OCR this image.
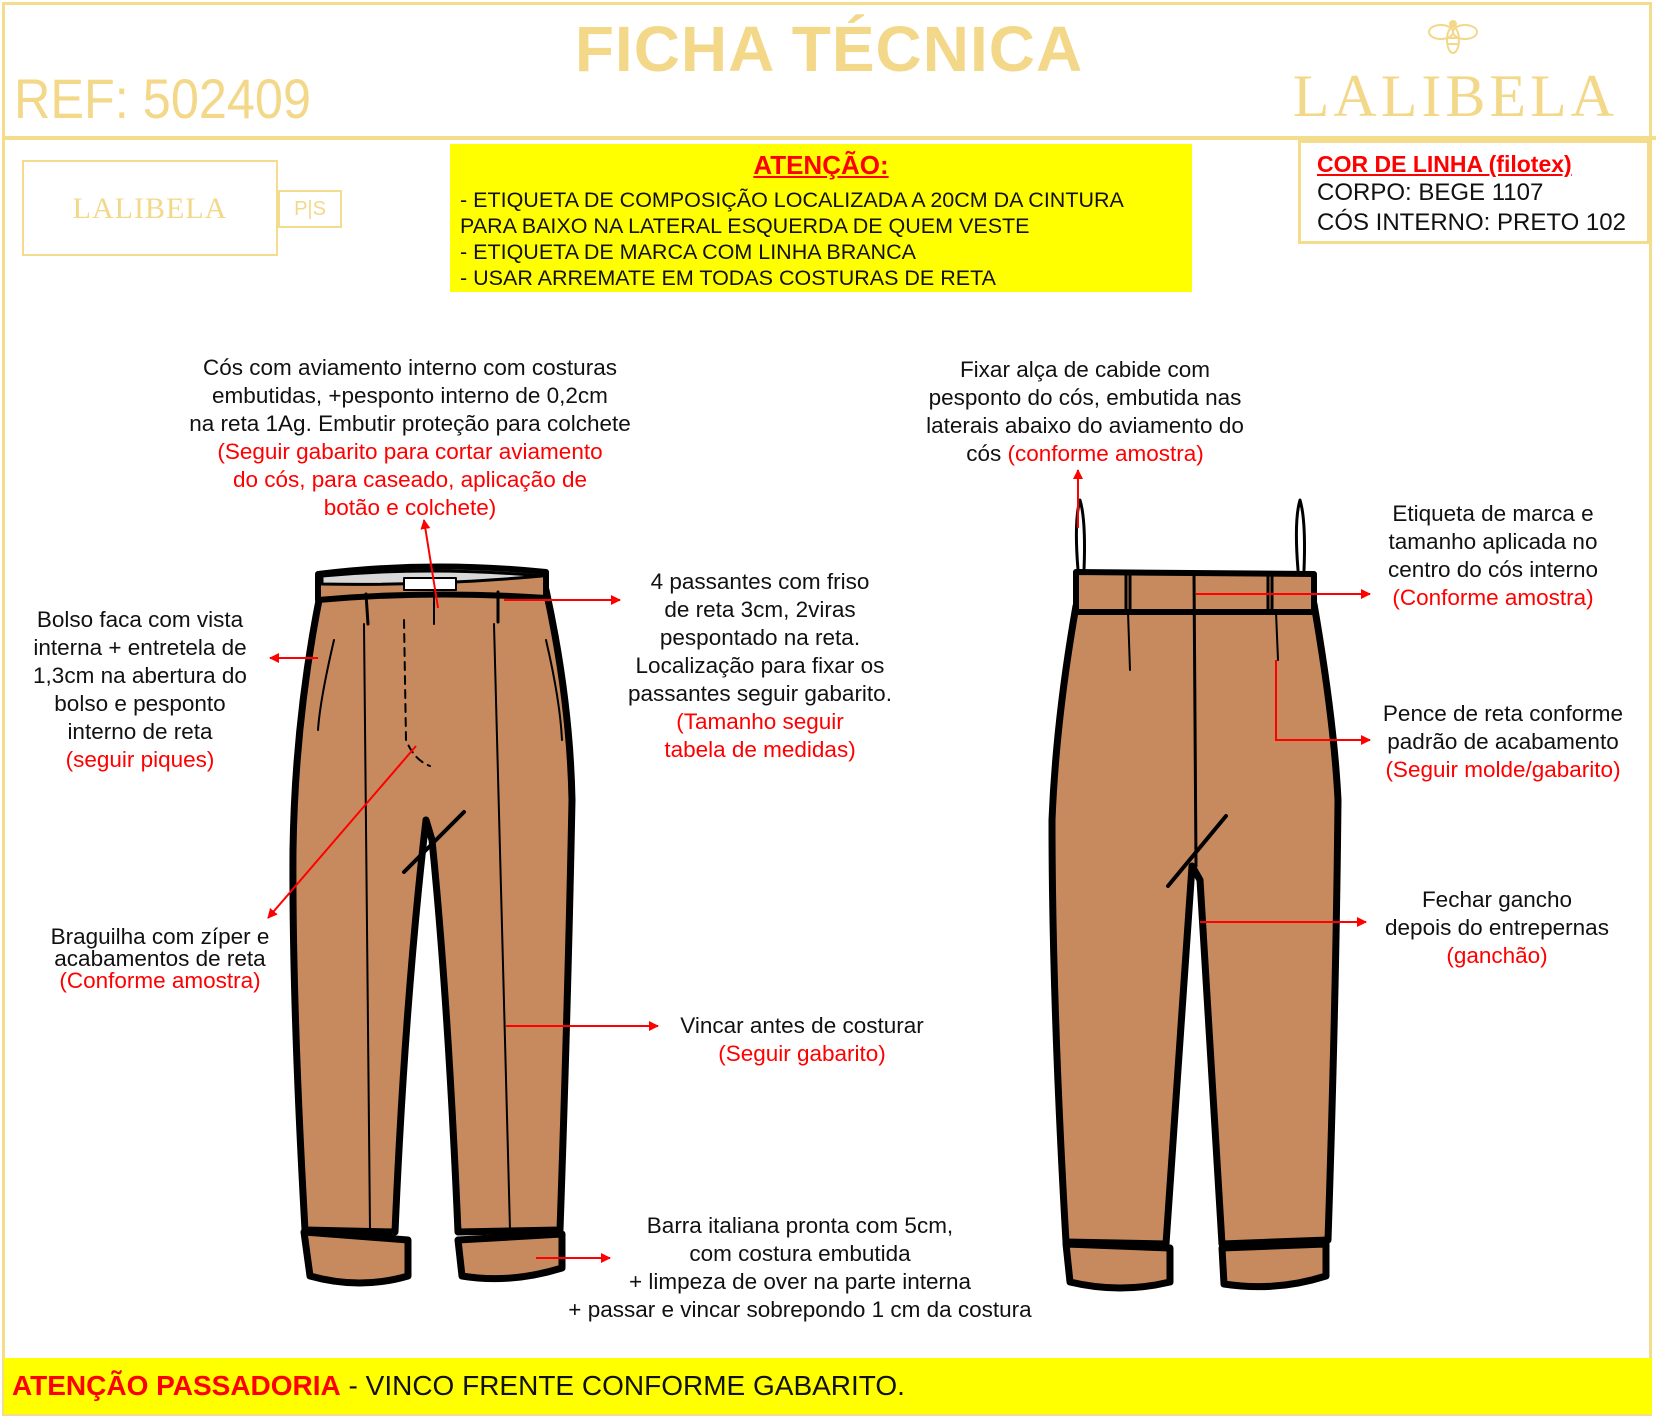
FICHA TÉCNICA
REF: 502409	LALIBELA
LALIBELA	P|S
ATENÇÃO:
- ETIQUETA DE COMPOSIÇÃO LOCALIZADA A 20CM DA CINTURA
PARA BAIXO NA LATERAL ESQUERDA DE QUEM VESTE
- ETIQUETA DE MARCA COM LINHA BRANCA
- USAR ARREMATE EM TODAS COSTURAS DE RETA
COR DE LINHA (filotex)
CORPO: BEGE 1107
CÓS INTERNO: PRETO 102
Cós com aviamento interno com costuras
embutidas, +pesponto interno de 0,2cm
na reta 1Ag. Embutir proteção para colchete
(Seguir gabarito para cortar aviamento
do cós, para caseado, aplicação de
botão e colchete)
Bolso faca com vista
interna + entretela de
1,3cm na abertura do
bolso e pesponto
interno de reta
(seguir piques)
4 passantes com friso
de reta 3cm, 2viras
pespontado na reta.
Localização para fixar os
passantes seguir gabarito.
(Tamanho seguir
tabela de medidas)
Braguilha com zíper e
acabamentos de reta
(Conforme amostra)
Vincar antes de costurar
(Seguir gabarito)
Barra italiana pronta com 5cm,
com costura embutida
+ limpeza de over na parte interna
+ passar e vincar sobrepondo 1 cm da costura
Fixar alça de cabide com
pesponto do cós, embutida nas
laterais abaixo do aviamento do
cós (conforme amostra)
Etiqueta de marca e
tamanho aplicada no
centro do cós interno
(Conforme amostra)
Pence de reta conforme
padrão de acabamento
(Seguir molde/gabarito)
Fechar gancho
depois do entrepernas
(ganchão)
ATENÇÃO PASSADORIA - VINCO FRENTE CONFORME GABARITO.
